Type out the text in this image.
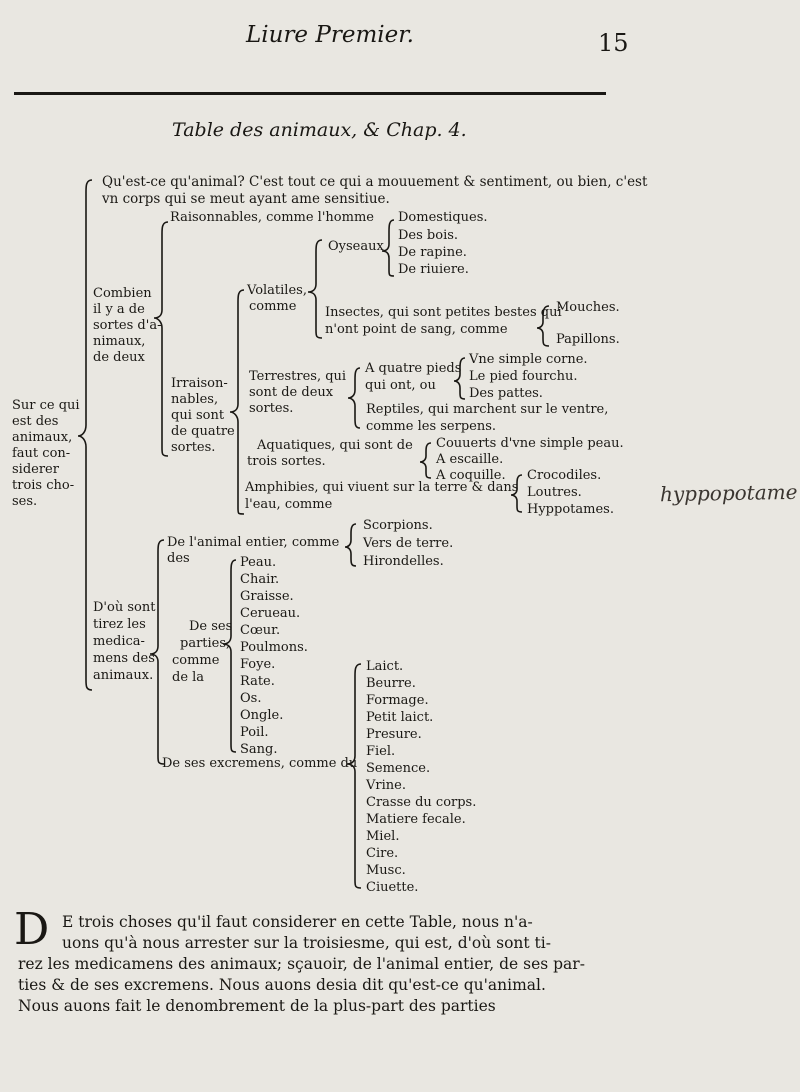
Liure Premier.	15
Table des animaux, & Chap. 4.
Qu'est-ce qu'animal? C'est tout ce qui a mouuement & sentiment, ou bien, c'est
vn corps qui se meut ayant ame sensitiue.
Sur ce qui
est des
animaux,
faut con-
siderer
trois cho-
ses.
Combien
il y a de
sortes d'a-
nimaux,
de deux
Raisonnables, comme l'homme Domestiques.
Des bois.
De rapine.
De riuiere.
Oyseaux
Volatiles,
comme Insectes, qui sont petites bestes qui
n'ont point de sang, comme
Mouches.
Papillons.
Irraison-
nables,
qui sont
de quatre
sortes.
Terrestres, qui
sont de deux
sortes.
A quatre pieds
qui ont, ou
Vne simple corne.
Le pied fourchu.
Des pattes.
Reptiles, qui marchent sur le ventre,
comme les serpens.
Aquatiques, qui sont de
trois sortes.
Couuerts d'vne simple peau.
A escaille.
A coquille. Crocodiles.
Loutres.
Hyppotames.
Amphibies, qui viuent sur la terre & dans
l'eau, comme	hyppopotame
D'où sont
tirez les
medica-
mens des
animaux.
De l'animal entier, comme
des
Scorpions.
Vers de terre.
Hirondelles.
De ses
parties,
comme
de la
Peau.
Chair.
Graisse.
Cerueau.
Cœur.
Poulmons.
Foye.
Rate.
Os.
Ongle.
Poil.
Sang.
De ses excremens, comme du
Laict.
Beurre.
Formage.
Petit laict.
Presure.
Fiel.
Semence.
Vrine.
Crasse du corps.
Matiere fecale.
Miel.
Cire.
Musc.
Ciuette.
D E trois choses qu'il faut considerer en cette Table, nous n'a-
uons qu'à nous arrester sur la troisiesme, qui est, d'où sont ti-
rez les medicamens des animaux; sçauoir, de l'animal entier, de ses par-
ties & de ses excremens. Nous auons desia dit qu'est-ce qu'animal.
Nous auons fait le denombrement de la plus-part des parties
